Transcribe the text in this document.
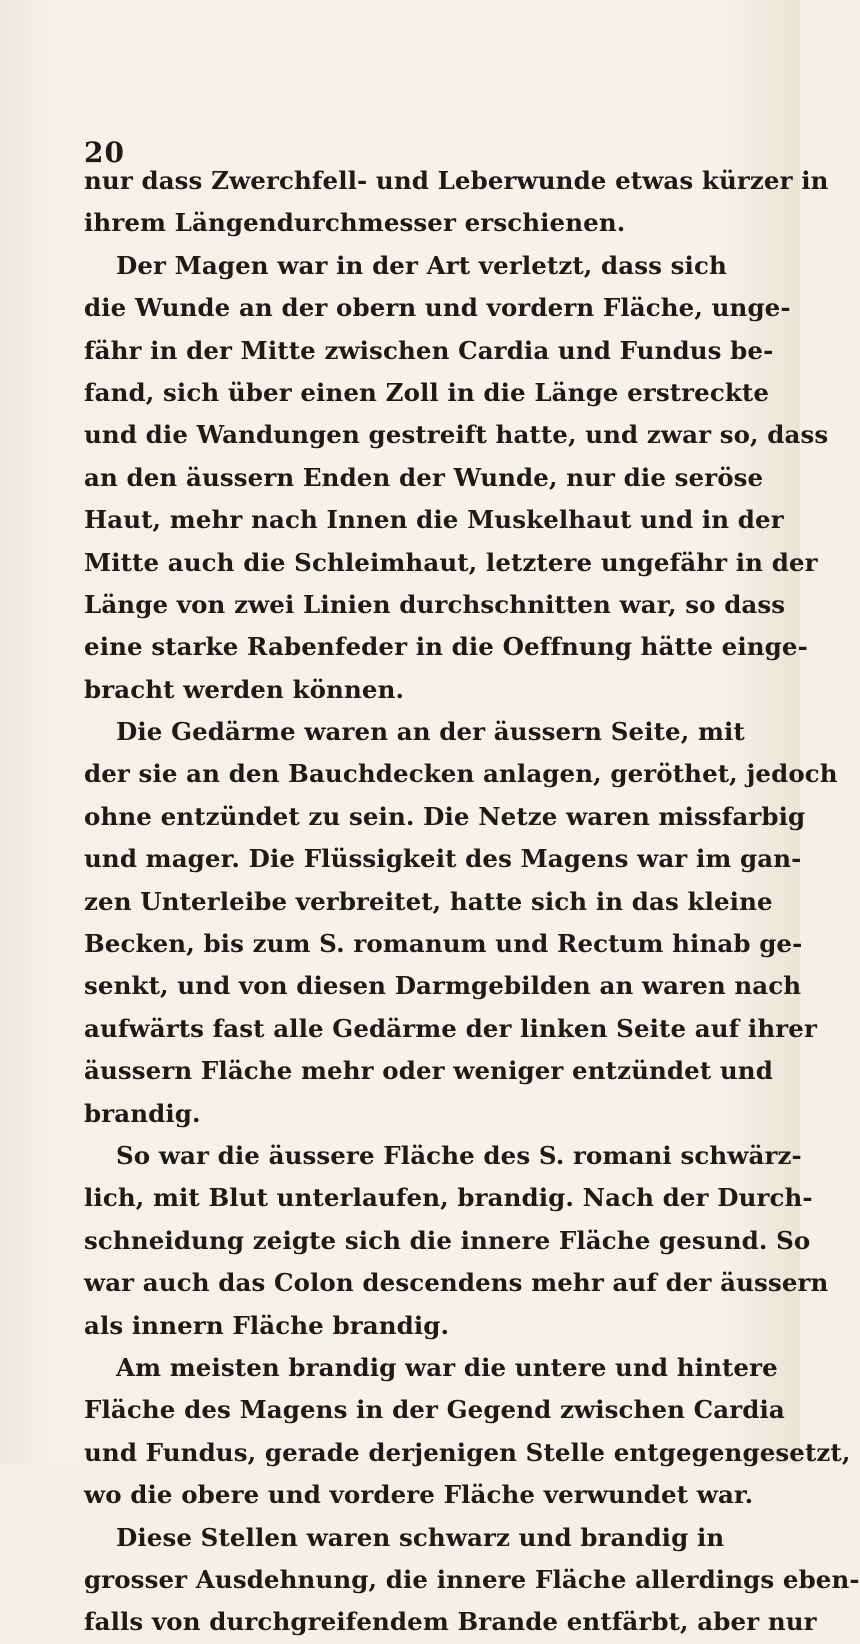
20
nur dass Zwerchfell- und Leberwunde etwas kürzer in
ihrem Längendurchmesser erschienen.
Der Magen war in der Art verletzt, dass sich
die Wunde an der obern und vordern Fläche, unge-
fähr in der Mitte zwischen Cardia und Fundus be-
fand, sich über einen Zoll in die Länge erstreckte
und die Wandungen gestreift hatte, und zwar so, dass
an den äussern Enden der Wunde, nur die seröse
Haut, mehr nach Innen die Muskelhaut und in der
Mitte auch die Schleimhaut, letztere ungefähr in der
Länge von zwei Linien durchschnitten war, so dass
eine starke Rabenfeder in die Oeffnung hätte einge-
bracht werden können.
Die Gedärme waren an der äussern Seite, mit
der sie an den Bauchdecken anlagen, geröthet, jedoch
ohne entzündet zu sein. Die Netze waren missfarbig
und mager. Die Flüssigkeit des Magens war im gan-
zen Unterleibe verbreitet, hatte sich in das kleine
Becken, bis zum S. romanum und Rectum hinab ge-
senkt, und von diesen Darmgebilden an waren nach
aufwärts fast alle Gedärme der linken Seite auf ihrer
äussern Fläche mehr oder weniger entzündet und
brandig.
So war die äussere Fläche des S. romani schwärz-
lich, mit Blut unterlaufen, brandig. Nach der Durch-
schneidung zeigte sich die innere Fläche gesund. So
war auch das Colon descendens mehr auf der äussern
als innern Fläche brandig.
Am meisten brandig war die untere und hintere
Fläche des Magens in der Gegend zwischen Cardia
und Fundus, gerade derjenigen Stelle entgegengesetzt,
wo die obere und vordere Fläche verwundet war.
Diese Stellen waren schwarz und brandig in
grosser Ausdehnung, die innere Fläche allerdings eben-
falls von durchgreifendem Brande entfärbt, aber nur
